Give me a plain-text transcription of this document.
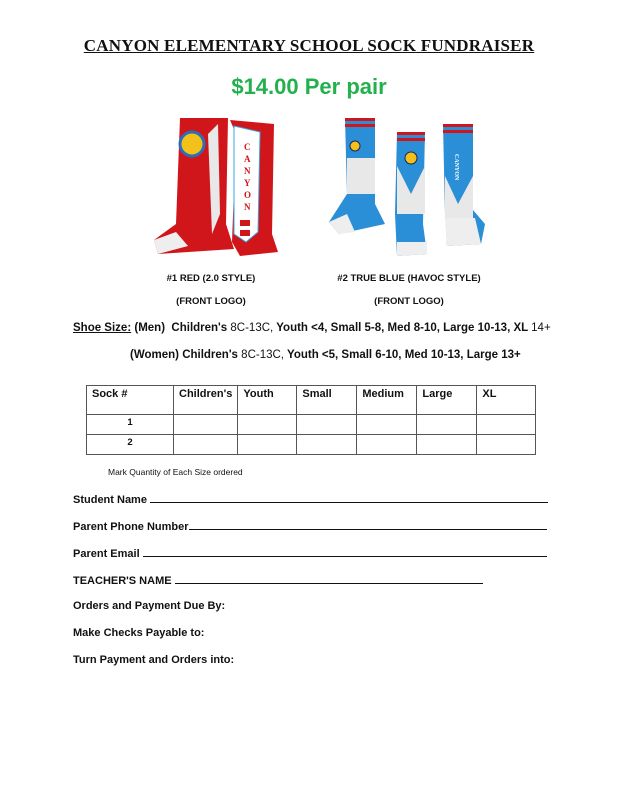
CANYON ELEMENTARY SCHOOL SOCK FUNDRAISER
$14.00 Per pair
C
A
N
Y
O
N
CANYON
#1 RED (2.0 STYLE)
(FRONT LOGO)
#2 TRUE BLUE (HAVOC STYLE)
(FRONT LOGO)
Shoe Size: (Men) Children's 8C-13C, Youth <4, Small 5-8, Med 8-10, Large 10-13, XL 14+
(Women) Children's 8C-13C, Youth <5, Small 6-10, Med 10-13, Large 13+
Sock #	Children's	Youth	Small	Medium	Large	XL
1						
2						
Mark Quantity of Each Size ordered
Student Name
Parent Phone Number
Parent Email
TEACHER'S NAME
Orders and Payment Due By:
Make Checks Payable to:
Turn Payment and Orders into:
